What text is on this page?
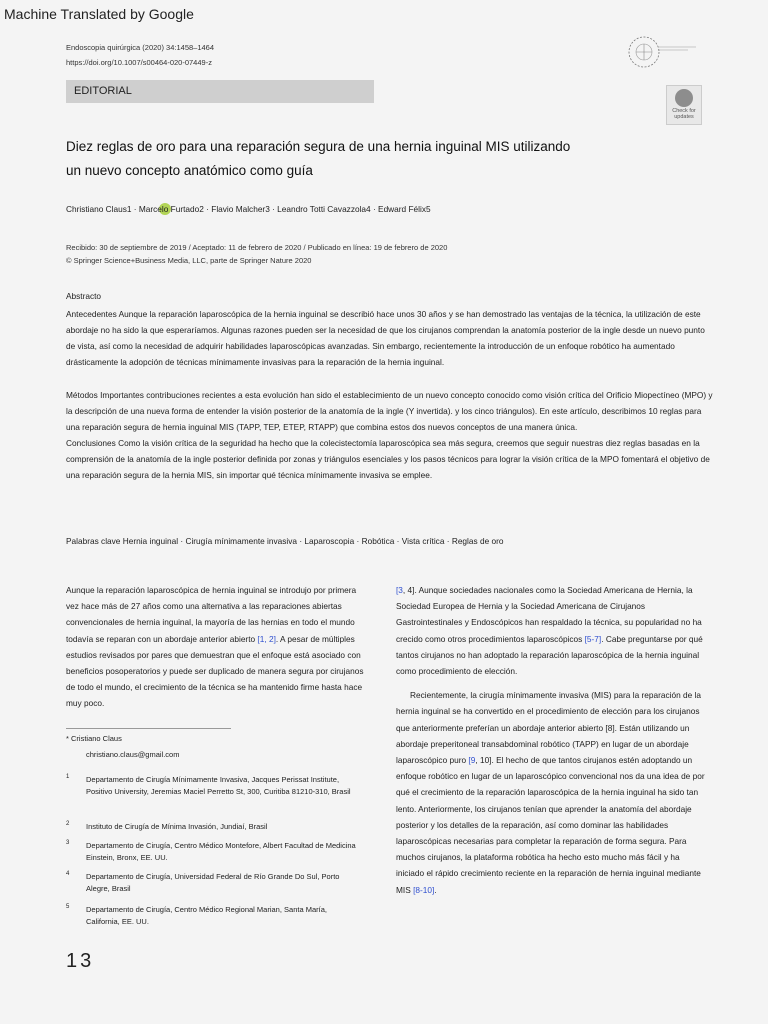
Machine Translated by Google
Endoscopia quirúrgica (2020) 34:1458–1464
https://doi.org/10.1007/s00464-020-07449-z
EDITORIAL
Check for
updates
Diez reglas de oro para una reparación segura de una hernia inguinal MIS utilizando
un nuevo concepto anatómico como guía
Christiano Claus1 · Marcelo Furtado2 · Flavio Malcher3 · Leandro Totti Cavazzola4 · Edward Félix5
Recibido: 30 de septiembre de 2019 / Aceptado: 11 de febrero de 2020 / Publicado en línea: 19 de febrero de 2020
© Springer Science+Business Media, LLC, parte de Springer Nature 2020
Abstracto
Antecedentes Aunque la reparación laparoscópica de la hernia inguinal se describió hace unos 30 años y se han demostrado las ventajas de la técnica, la utilización de este abordaje no ha sido la que esperaríamos. Algunas razones pueden ser la necesidad de que los cirujanos comprendan la anatomía posterior de la ingle desde un nuevo punto de vista, así como la necesidad de adquirir habilidades laparoscópicas avanzadas. Sin embargo, recientemente la introducción de un enfoque robótico ha aumentado drásticamente la adopción de técnicas mínimamente invasivas para la reparación de la hernia inguinal.
Métodos Importantes contribuciones recientes a esta evolución han sido el establecimiento de un nuevo concepto conocido como visión crítica del Orificio Miopectíneo (MPO) y la descripción de una nueva forma de entender la visión posterior de la anatomía de la ingle (Y invertida). y los cinco triángulos). En este artículo, describimos 10 reglas para una reparación segura de hernia inguinal MIS (TAPP, TEP, ETEP, RTAPP) que combina estos dos nuevos conceptos de una manera única.
Conclusiones Como la visión crítica de la seguridad ha hecho que la colecistectomía laparoscópica sea más segura, creemos que seguir nuestras diez reglas basadas en la comprensión de la anatomía de la ingle posterior definida por zonas y triángulos esenciales y los pasos técnicos para lograr la visión crítica de la MPO fomentará el objetivo de una reparación segura de la hernia MIS, sin importar qué técnica mínimamente invasiva se emplee.
Palabras clave Hernia inguinal · Cirugía mínimamente invasiva · Laparoscopia · Robótica · Vista crítica · Reglas de oro
Aunque la reparación laparoscópica de hernia inguinal se introdujo por primera vez hace más de 27 años como una alternativa a las reparaciones abiertas convencionales de hernia inguinal, la mayoría de las hernias en todo el mundo todavía se reparan con un abordaje anterior abierto [1, 2]. A pesar de múltiples estudios revisados por pares que demuestran que el enfoque está asociado con beneficios posoperatorios y puede ser duplicado de manera segura por cirujanos de todo el mundo, el crecimiento de la técnica se ha mantenido firme hasta hace muy poco.
[3, 4]. Aunque sociedades nacionales como la Sociedad Americana de Hernia, la Sociedad Europea de Hernia y la Sociedad Americana de Cirujanos Gastrointestinales y Endoscópicos han respaldado la técnica, su popularidad no ha crecido como otros procedimientos laparoscópicos [5-7]. Cabe preguntarse por qué tantos cirujanos no han adoptado la reparación laparoscópica de la hernia inguinal como procedimiento de elección.
Recientemente, la cirugía mínimamente invasiva (MIS) para la reparación de la hernia inguinal se ha convertido en el procedimiento de elección para los cirujanos que anteriormente preferían un abordaje anterior abierto [8]. Están utilizando un abordaje preperitoneal transabdominal robótico (TAPP) en lugar de un abordaje laparoscópico puro [9, 10]. El hecho de que tantos cirujanos estén adoptando un enfoque robótico en lugar de un laparoscópico convencional nos da una idea de por qué el crecimiento de la reparación laparoscópica de la hernia inguinal ha sido tan lento. Anteriormente, los cirujanos tenían que aprender la anatomía del abordaje posterior y los detalles de la reparación, así como dominar las habilidades laparoscópicas necesarias para completar la reparación de forma segura. Para muchos cirujanos, la plataforma robótica ha hecho esto mucho más fácil y ha iniciado el rápido crecimiento reciente en la reparación de hernia inguinal mediante MIS [8-10].
* Cristiano Claus
christiano.claus@gmail.com
1 Departamento de Cirugía Mínimamente Invasiva, Jacques Perissat Institute, Positivo University, Jeremias Maciel Perretto St, 300, Curitiba 81210-310, Brasil
2 Instituto de Cirugía de Mínima Invasión, Jundiaí, Brasil
3 Departamento de Cirugía, Centro Médico Montefore, Albert Facultad de Medicina Einstein, Bronx, EE. UU.
4 Departamento de Cirugía, Universidad Federal de Río Grande Do Sul, Porto Alegre, Brasil
5 Departamento de Cirugía, Centro Médico Regional Marian, Santa María, California, EE. UU.
13
